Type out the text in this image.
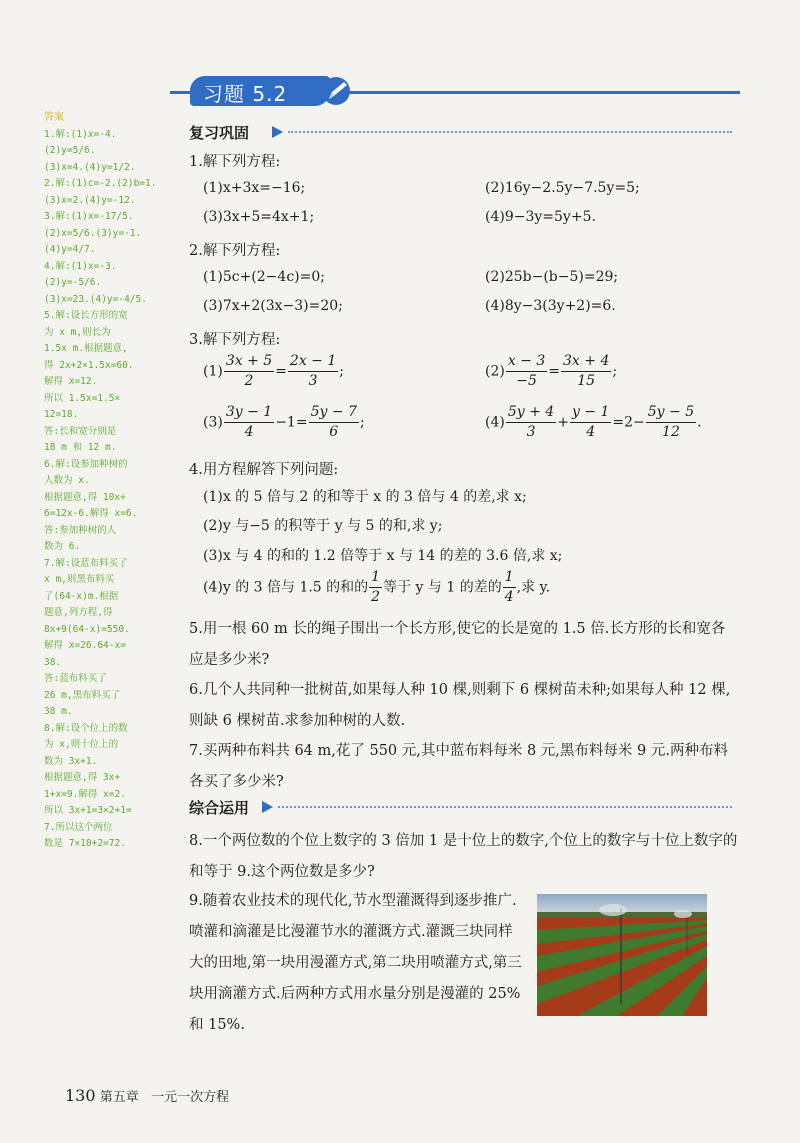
习题 5.2
答案
1.解:(1)x=-4.
(2)y=5/6.
(3)x=4.(4)y=1/2.
2.解:(1)c=-2.(2)b=1.
(3)x=2.(4)y=-12.
3.解:(1)x=-17/5.
(2)x=5/6.(3)y=-1.
(4)y=4/7.
4.解:(1)x=-3.
(2)y=-5/6.
(3)x=23.(4)y=-4/5.
5.解:设长方形的宽
为 x m,则长为
1.5x m.根据题意,
得 2x+2×1.5x=60.
解得 x=12.
所以 1.5x=1.5×
12=18.
答:长和宽分别是
18 m 和 12 m.
6.解:设参加种树的
人数为 x.
根据题意,得 10x+
6=12x-6.解得 x=6.
答:参加种树的人
数为 6.
7.解:设蓝布料买了
x m,则黑布料买
了(64-x)m.根据
题意,列方程,得
8x+9(64-x)=550.
解得 x=26.64-x=
38.
答:蓝布料买了
26 m,黑布料买了
38 m.
8.解:设个位上的数
为 x,则十位上的
数为 3x+1.
根据题意,得 3x+
1+x=9.解得 x=2.
所以 3x+1=3×2+1=
7.所以这个两位
数是 7×10+2=72.
复习巩固
1.解下列方程:
(1)x+3x=−16;	(2)16y−2.5y−7.5y=5;
(3)3x+5=4x+1;	(4)9−3y=5y+5.
2.解下列方程:
(1)5c+(2−4c)=0;	(2)25b−(b−5)=29;
(3)7x+2(3x−3)=20;	(4)8y−3(3y+2)=6.
3.解下列方程:
$(1) \frac{3x + 5}{2} = \frac{2x - 1}{3}$ ;	$(2) \frac{x - 3}{-5} = \frac{3x + 4}{15}$ ;
$(3) \frac{3y - 1}{4} -1= \frac{5y - 7}{6}$ ;	$(4) \frac{5y + 4}{3} + \frac{y - 1}{4} =2- \frac{5y - 5}{12}$ .
4.用方程解答下列问题:
(1)x 的 5 倍与 2 的和等于 x 的 3 倍与 4 的差,求 x;
(2)y 与−5 的积等于 y 与 5 的和,求 y;
(3)x 与 4 的和的 1.2 倍等于 x 与 14 的差的 3.6 倍,求 x;
(4)y 的 3 倍与 1.5 的和的 $\frac{1}{2}$ 等于 y 与 1 的差的 $\frac{1}{4}$ ,求 y.
5.用一根 60 m 长的绳子围出一个长方形,使它的长是宽的 1.5 倍.长方形的长和宽各应是多少米?
6.几个人共同种一批树苗,如果每人种 10 棵,则剩下 6 棵树苗未种;如果每人种 12 棵,则缺 6 棵树苗.求参加种树的人数.
7.买两种布料共 64 m,花了 550 元,其中蓝布料每米 8 元,黑布料每米 9 元.两种布料各买了多少米?
综合运用
8.一个两位数的个位上数字的 3 倍加 1 是十位上的数字,个位上的数字与十位上数字的和等于 9.这个两位数是多少?
9.随着农业技术的现代化,节水型灌溉得到逐步推广.喷灌和滴灌是比漫灌节水的灌溉方式.灌溉三块同样大的田地,第一块用漫灌方式,第二块用喷灌方式,第三块用滴灌方式.后两种方式用水量分别是漫灌的 25% 和 15%.
130 第五章 一元一次方程
